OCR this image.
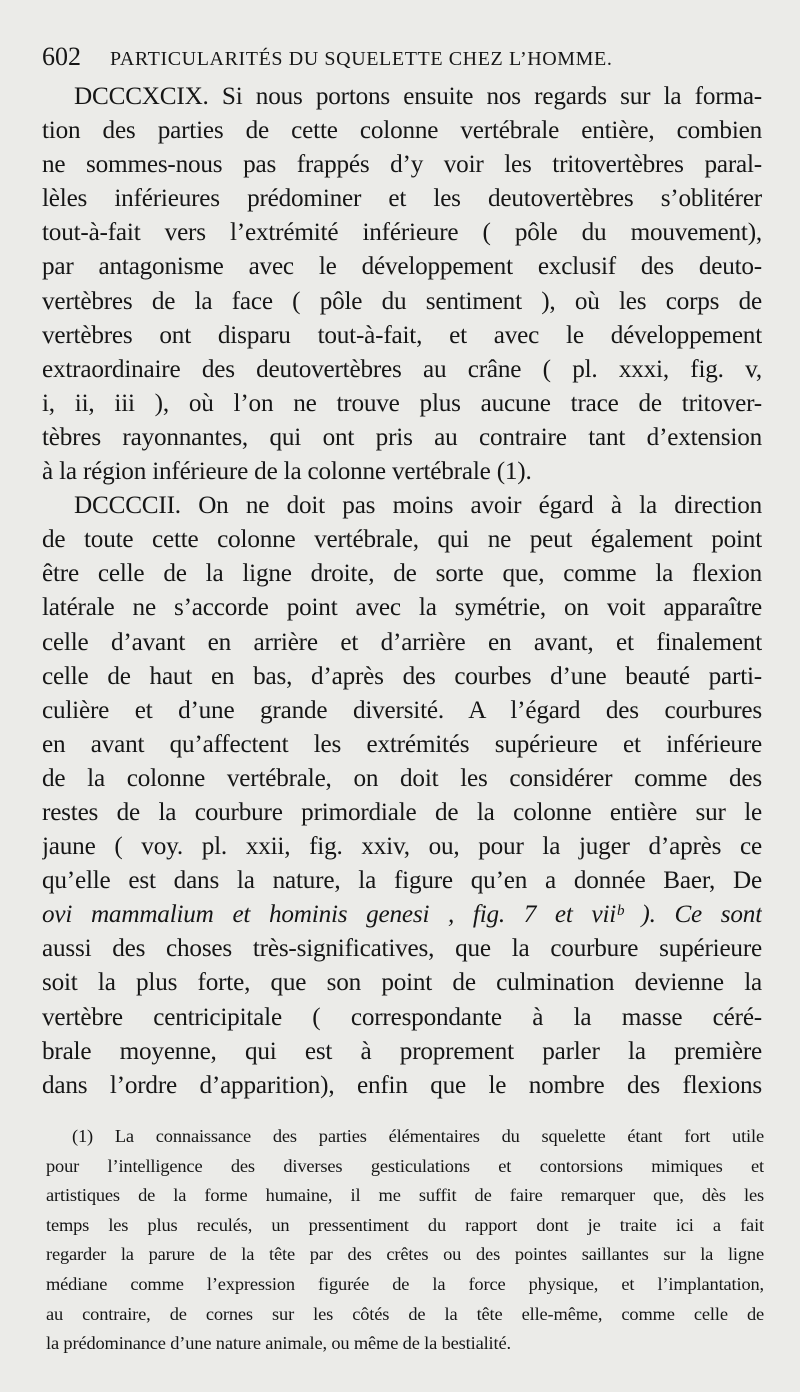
602 PARTICULARITÉS DU SQUELETTE CHEZ L’HOMME.
DCCCXCIX. Si nous portons ensuite nos regards sur la forma-
tion des parties de cette colonne vertébrale entière, combien
ne sommes-nous pas frappés d’y voir les tritovertèbres paral-
lèles inférieures prédominer et les deutovertèbres s’oblitérer
tout-à-fait vers l’extrémité inférieure ( pôle du mouvement),
par antagonisme avec le développement exclusif des deuto-
vertèbres de la face ( pôle du sentiment ), où les corps de
vertèbres ont disparu tout-à-fait, et avec le développement
extraordinaire des deutovertèbres au crâne ( pl. xxxi, fig. v,
i, ii, iii ), où l’on ne trouve plus aucune trace de tritover-
tèbres rayonnantes, qui ont pris au contraire tant d’extension
à la région inférieure de la colonne vertébrale (1).
DCCCCII. On ne doit pas moins avoir égard à la direction
de toute cette colonne vertébrale, qui ne peut également point
être celle de la ligne droite, de sorte que, comme la flexion
latérale ne s’accorde point avec la symétrie, on voit apparaître
celle d’avant en arrière et d’arrière en avant, et finalement
celle de haut en bas, d’après des courbes d’une beauté parti-
culière et d’une grande diversité. A l’égard des courbures
en avant qu’affectent les extrémités supérieure et inférieure
de la colonne vertébrale, on doit les considérer comme des
restes de la courbure primordiale de la colonne entière sur le
jaune ( voy. pl. xxii, fig. xxiv, ou, pour la juger d’après ce
qu’elle est dans la nature, la figure qu’en a donnée Baer, De
ovi mammalium et hominis genesi , fig. 7 et viiᵇ ). Ce sont
aussi des choses très-significatives, que la courbure supérieure
soit la plus forte, que son point de culmination devienne la
vertèbre centricipitale ( correspondante à la masse céré-
brale moyenne, qui est à proprement parler la première
dans l’ordre d’apparition), enfin que le nombre des flexions
(1) La connaissance des parties élémentaires du squelette étant fort utile
pour l’intelligence des diverses gesticulations et contorsions mimiques et
artistiques de la forme humaine, il me suffit de faire remarquer que, dès les
temps les plus reculés, un pressentiment du rapport dont je traite ici a fait
regarder la parure de la tête par des crêtes ou des pointes saillantes sur la ligne
médiane comme l’expression figurée de la force physique, et l’implantation,
au contraire, de cornes sur les côtés de la tête elle-même, comme celle de
la prédominance d’une nature animale, ou même de la bestialité.
